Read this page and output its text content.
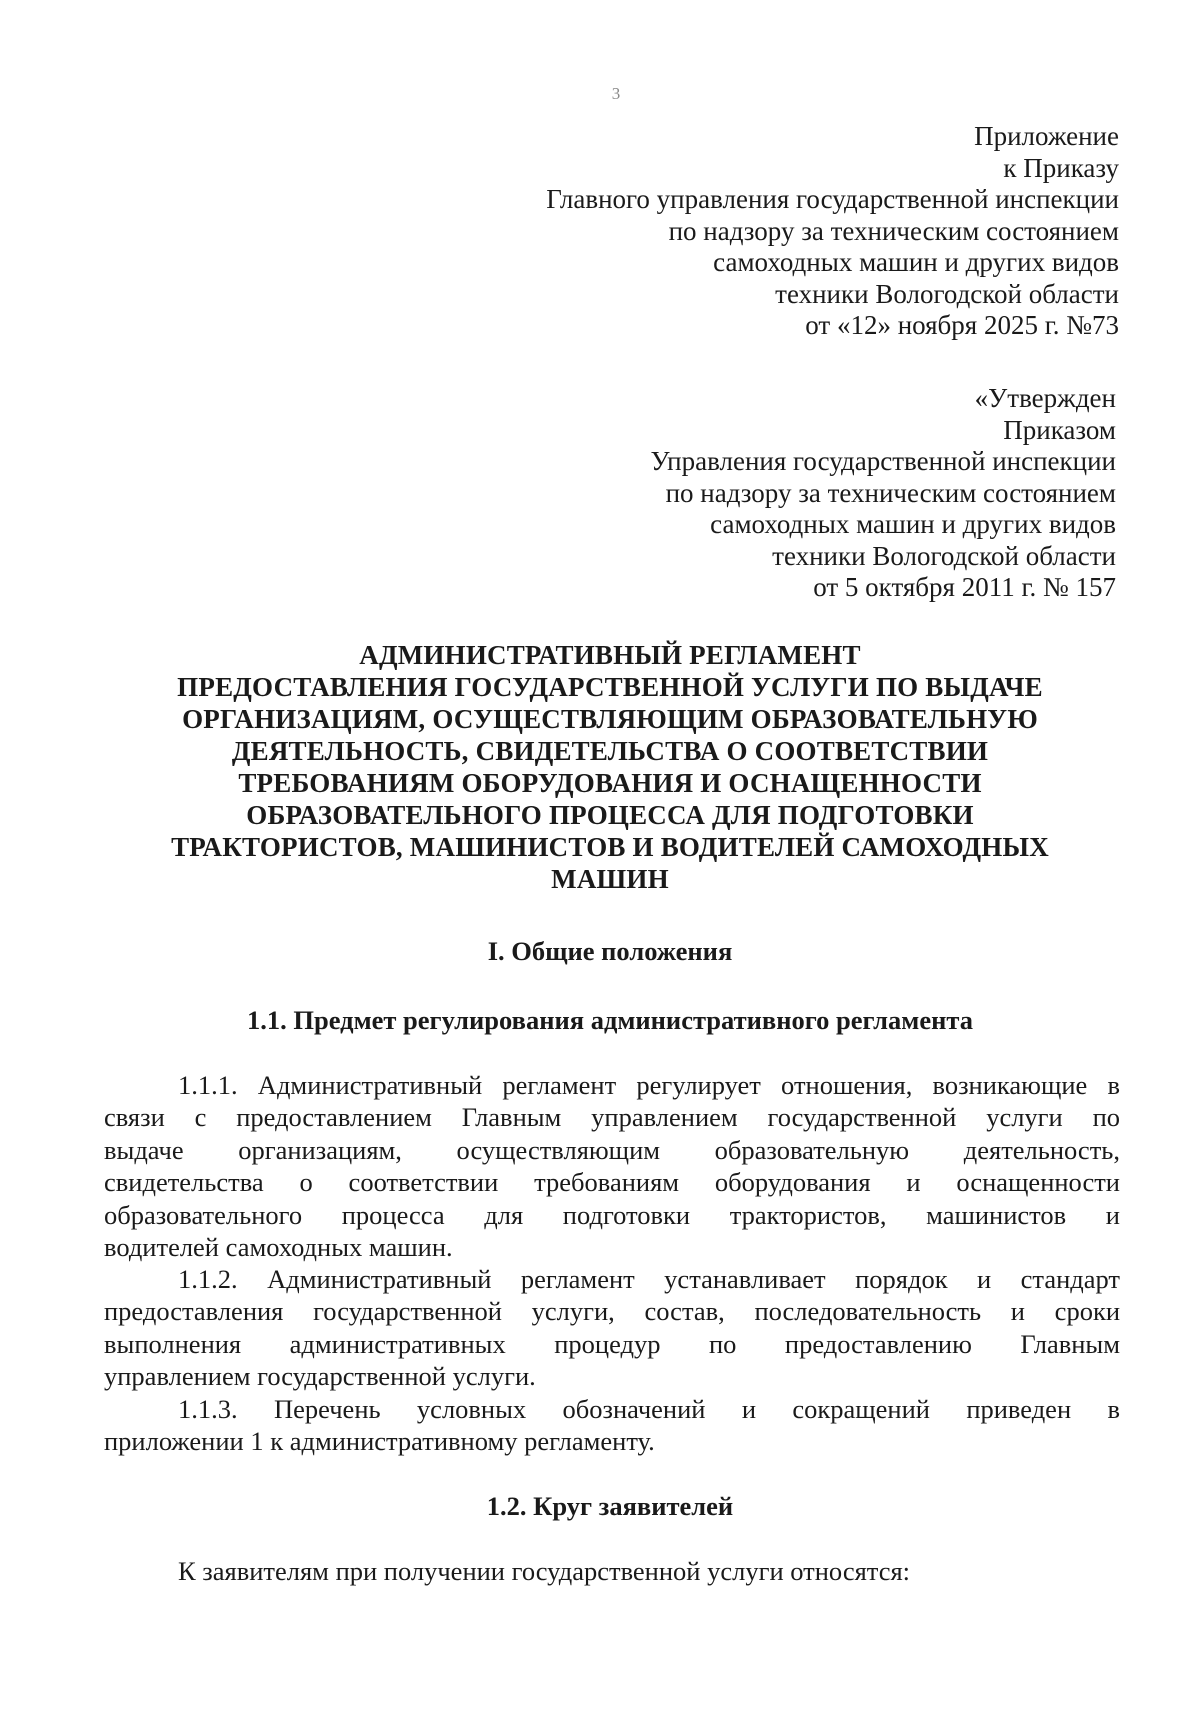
3
Приложение
к Приказу
Главного управления государственной инспекции
по надзору за техническим состоянием
самоходных машин и других видов
техники Вологодской области
от «12» ноября 2025 г. №73
«Утвержден
Приказом
Управления государственной инспекции
по надзору за техническим состоянием
самоходных машин и других видов
техники Вологодской области
от 5 октября 2011 г. № 157
АДМИНИСТРАТИВНЫЙ РЕГЛАМЕНТ
ПРЕДОСТАВЛЕНИЯ ГОСУДАРСТВЕННОЙ УСЛУГИ ПО ВЫДАЧЕ
ОРГАНИЗАЦИЯМ, ОСУЩЕСТВЛЯЮЩИМ ОБРАЗОВАТЕЛЬНУЮ
ДЕЯТЕЛЬНОСТЬ, СВИДЕТЕЛЬСТВА О СООТВЕТСТВИИ
ТРЕБОВАНИЯМ ОБОРУДОВАНИЯ И ОСНАЩЕННОСТИ
ОБРАЗОВАТЕЛЬНОГО ПРОЦЕССА ДЛЯ ПОДГОТОВКИ
ТРАКТОРИСТОВ, МАШИНИСТОВ И ВОДИТЕЛЕЙ САМОХОДНЫХ
МАШИН
I. Общие положения
1.1. Предмет регулирования административного регламента
1.1.1. Административный регламент регулирует отношения, возникающие в
связи с предоставлением Главным управлением государственной услуги по
выдаче организациям, осуществляющим образовательную деятельность,
свидетельства о соответствии требованиям оборудования и оснащенности
образовательного процесса для подготовки трактористов, машинистов и
водителей самоходных машин.
1.1.2. Административный регламент устанавливает порядок и стандарт
предоставления государственной услуги, состав, последовательность и сроки
выполнения административных процедур по предоставлению Главным
управлением государственной услуги.
1.1.3. Перечень условных обозначений и сокращений приведен в
приложении 1 к административному регламенту.
1.2. Круг заявителей
К заявителям при получении государственной услуги относятся:
